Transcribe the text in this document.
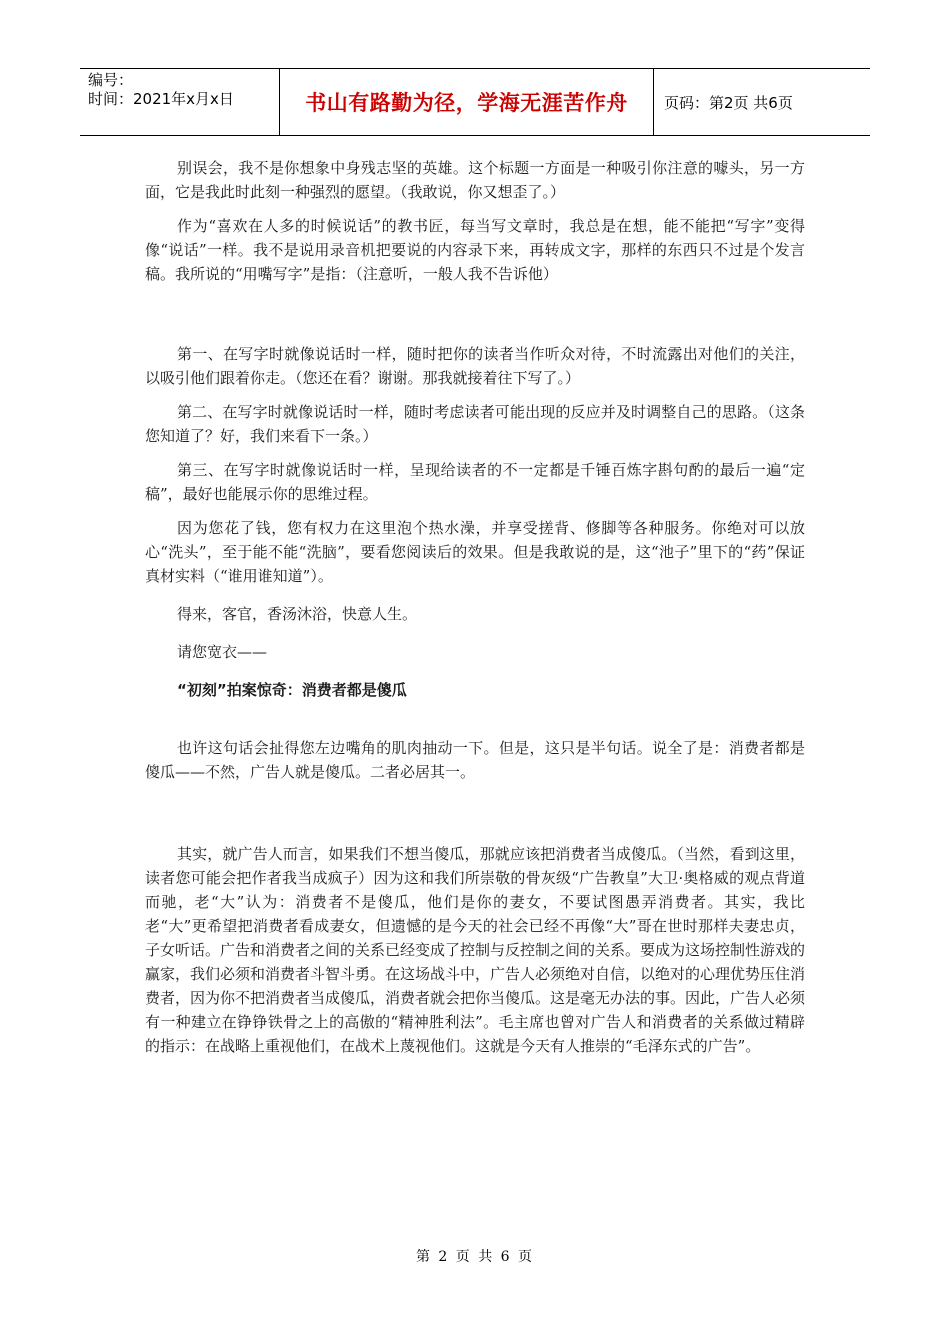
编号：
时间：2021年x月x日	书山有路勤为径，学海无涯苦作舟 页码：第2页 共6页

别误会，我不是你想象中身残志坚的英雄。这个标题一方面是一种吸引你注意的噱头，另一方面，它是我此时此刻一种强烈的愿望。（我敢说，你又想歪了。）

作为“喜欢在人多的时候说话”的教书匠，每当写文章时，我总是在想，能不能把“写字”变得像“说话”一样。我不是说用录音机把要说的内容录下来，再转成文字，那样的东西只不过是个发言稿。我所说的“用嘴写字”是指：（注意听，一般人我不告诉他）

第一、在写字时就像说话时一样，随时把你的读者当作听众对待，不时流露出对他们的关注，以吸引他们跟着你走。（您还在看？谢谢。那我就接着往下写了。）

第二、在写字时就像说话时一样，随时考虑读者可能出现的反应并及时调整自己的思路。（这条您知道了？好，我们来看下一条。）

第三、在写字时就像说话时一样，呈现给读者的不一定都是千锤百炼字斟句酌的最后一遍“定稿”，最好也能展示你的思维过程。

因为您花了钱，您有权力在这里泡个热水澡，并享受搓背、修脚等各种服务。你绝对可以放心“洗头”，至于能不能“洗脑”，要看您阅读后的效果。但是我敢说的是，这“池子”里下的“药”保证真材实料（“谁用谁知道”）。

得来，客官，香汤沐浴，快意人生。

请您宽衣——

“初刻”拍案惊奇：消费者都是傻瓜

也许这句话会扯得您左边嘴角的肌肉抽动一下。但是，这只是半句话。说全了是：消费者都是傻瓜——不然，广告人就是傻瓜。二者必居其一。

其实，就广告人而言，如果我们不想当傻瓜，那就应该把消费者当成傻瓜。（当然，看到这里，读者您可能会把作者我当成疯子）因为这和我们所崇敬的骨灰级“广告教皇”大卫·奥格威的观点背道而驰，老“大”认为：消费者不是傻瓜，他们是你的妻女，不要试图愚弄消费者。其实，我比老“大”更希望把消费者看成妻女，但遗憾的是今天的社会已经不再像“大”哥在世时那样夫妻忠贞，子女听话。广告和消费者之间的关系已经变成了控制与反控制之间的关系。要成为这场控制性游戏的赢家，我们必须和消费者斗智斗勇。在这场战斗中，广告人必须绝对自信，以绝对的心理优势压住消费者，因为你不把消费者当成傻瓜，消费者就会把你当傻瓜。这是毫无办法的事。因此，广告人必须有一种建立在铮铮铁骨之上的高傲的“精神胜利法”。毛主席也曾对广告人和消费者的关系做过精辟的指示：在战略上重视他们，在战术上蔑视他们。这就是今天有人推崇的“毛泽东式的广告”。

第 2 页 共 6 页
